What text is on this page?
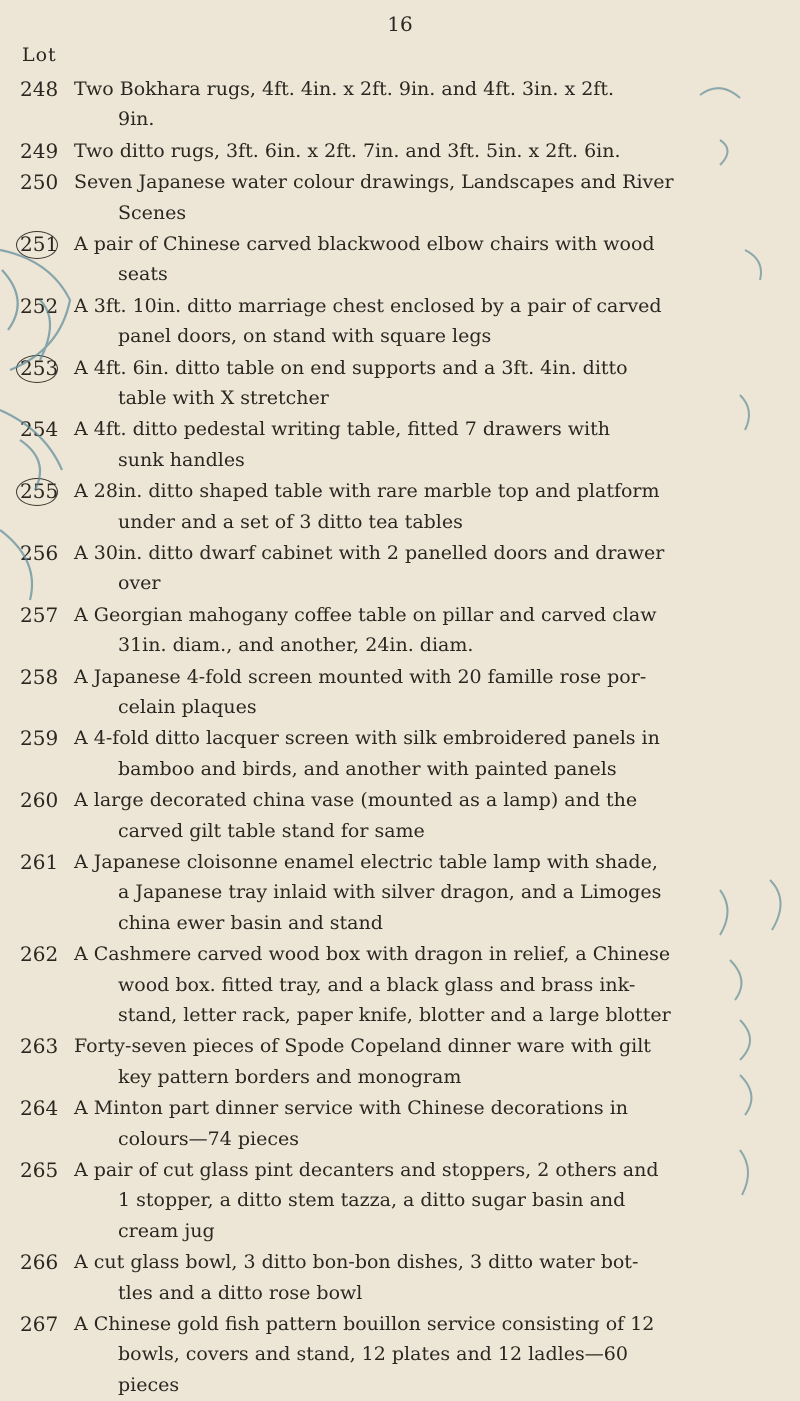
16
Lot
248 Two Bokhara rugs, 4ft. 4in. x 2ft. 9in. and 4ft. 3in. x 2ft.
9in.
249 Two ditto rugs, 3ft. 6in. x 2ft. 7in. and 3ft. 5in. x 2ft. 6in.
250 Seven Japanese water colour drawings, Landscapes and River
Scenes
251 A pair of Chinese carved blackwood elbow chairs with wood
seats
252 A 3ft. 10in. ditto marriage chest enclosed by a pair of carved
panel doors, on stand with square legs
253 A 4ft. 6in. ditto table on end supports and a 3ft. 4in. ditto
table with X stretcher
254 A 4ft. ditto pedestal writing table, fitted 7 drawers with
sunk handles
255 A 28in. ditto shaped table with rare marble top and platform
under and a set of 3 ditto tea tables
256 A 30in. ditto dwarf cabinet with 2 panelled doors and drawer
over
257 A Georgian mahogany coffee table on pillar and carved claw
31in. diam., and another, 24in. diam.
258 A Japanese 4-fold screen mounted with 20 famille rose por-
celain plaques
259 A 4-fold ditto lacquer screen with silk embroidered panels in
bamboo and birds, and another with painted panels
260 A large decorated china vase (mounted as a lamp) and the
carved gilt table stand for same
261 A Japanese cloisonne enamel electric table lamp with shade,
a Japanese tray inlaid with silver dragon, and a Limoges
china ewer basin and stand
262 A Cashmere carved wood box with dragon in relief, a Chinese
wood box. fitted tray, and a black glass and brass ink-
stand, letter rack, paper knife, blotter and a large blotter
263 Forty-seven pieces of Spode Copeland dinner ware with gilt
key pattern borders and monogram
264 A Minton part dinner service with Chinese decorations in
colours—74 pieces
265 A pair of cut glass pint decanters and stoppers, 2 others and
1 stopper, a ditto stem tazza, a ditto sugar basin and
cream jug
266 A cut glass bowl, 3 ditto bon-bon dishes, 3 ditto water bot-
tles and a ditto rose bowl
267 A Chinese gold fish pattern bouillon service consisting of 12
bowls, covers and stand, 12 plates and 12 ladles—60
pieces
